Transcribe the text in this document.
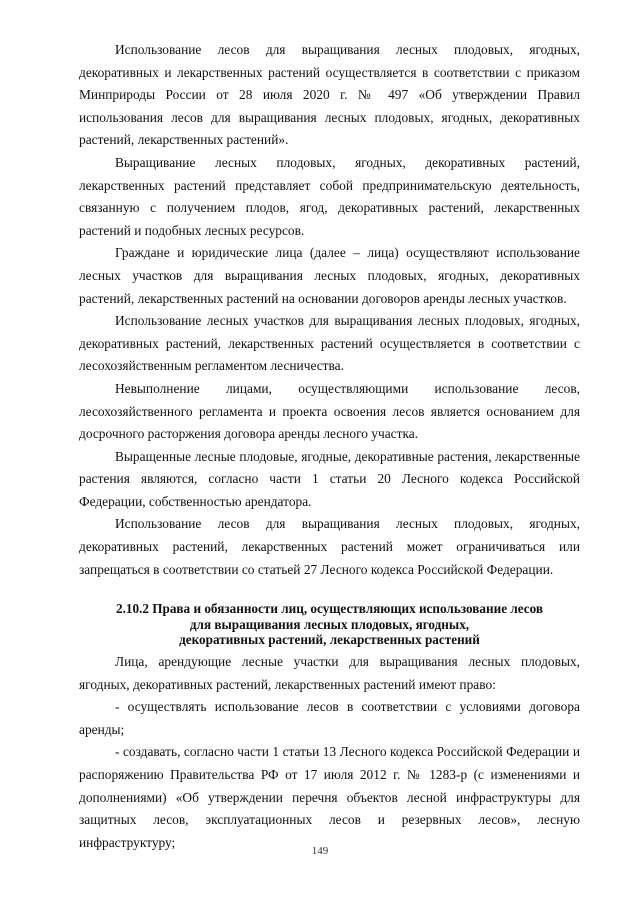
Использование лесов для выращивания лесных плодовых, ягодных, декоративных и лекарственных растений осуществляется в соответствии с приказом Минприроды России от 28 июля 2020 г. № 497 «Об утверждении Правил использования лесов для выращивания лесных плодовых, ягодных, декоративных растений, лекарственных растений».

Выращивание лесных плодовых, ягодных, декоративных растений, лекарственных растений представляет собой предпринимательскую деятельность, связанную с получением плодов, ягод, декоративных растений, лекарственных растений и подобных лесных ресурсов.

Граждане и юридические лица (далее – лица) осуществляют использование лесных участков для выращивания лесных плодовых, ягодных, декоративных растений, лекарственных растений на основании договоров аренды лесных участков.

Использование лесных участков для выращивания лесных плодовых, ягодных, декоративных растений, лекарственных растений осуществляется в соответствии с лесохозяйственным регламентом лесничества.

Невыполнение лицами, осуществляющими использование лесов, лесохозяйственного регламента и проекта освоения лесов является основанием для досрочного расторжения договора аренды лесного участка.

Выращенные лесные плодовые, ягодные, декоративные растения, лекарственные растения являются, согласно части 1 статьи 20 Лесного кодекса Российской Федерации, собственностью арендатора.

Использование лесов для выращивания лесных плодовых, ягодных, декоративных растений, лекарственных растений может ограничиваться или запрещаться в соответствии со статьей 27 Лесного кодекса Российской Федерации.

2.10.2 Права и обязанности лиц, осуществляющих использование лесов
для выращивания лесных плодовых, ягодных,
декоративных растений, лекарственных растений

Лица, арендующие лесные участки для выращивания лесных плодовых, ягодных, декоративных растений, лекарственных растений имеют право:

- осуществлять использование лесов в соответствии с условиями договора аренды;

- создавать, согласно части 1 статьи 13 Лесного кодекса Российской Федерации и распоряжению Правительства РФ от 17 июля 2012 г. № 1283-р (с изменениями и дополнениями) «Об утверждении перечня объектов лесной инфраструктуры для защитных лесов, эксплуатационных лесов и резервных лесов», лесную инфраструктуру;

149
